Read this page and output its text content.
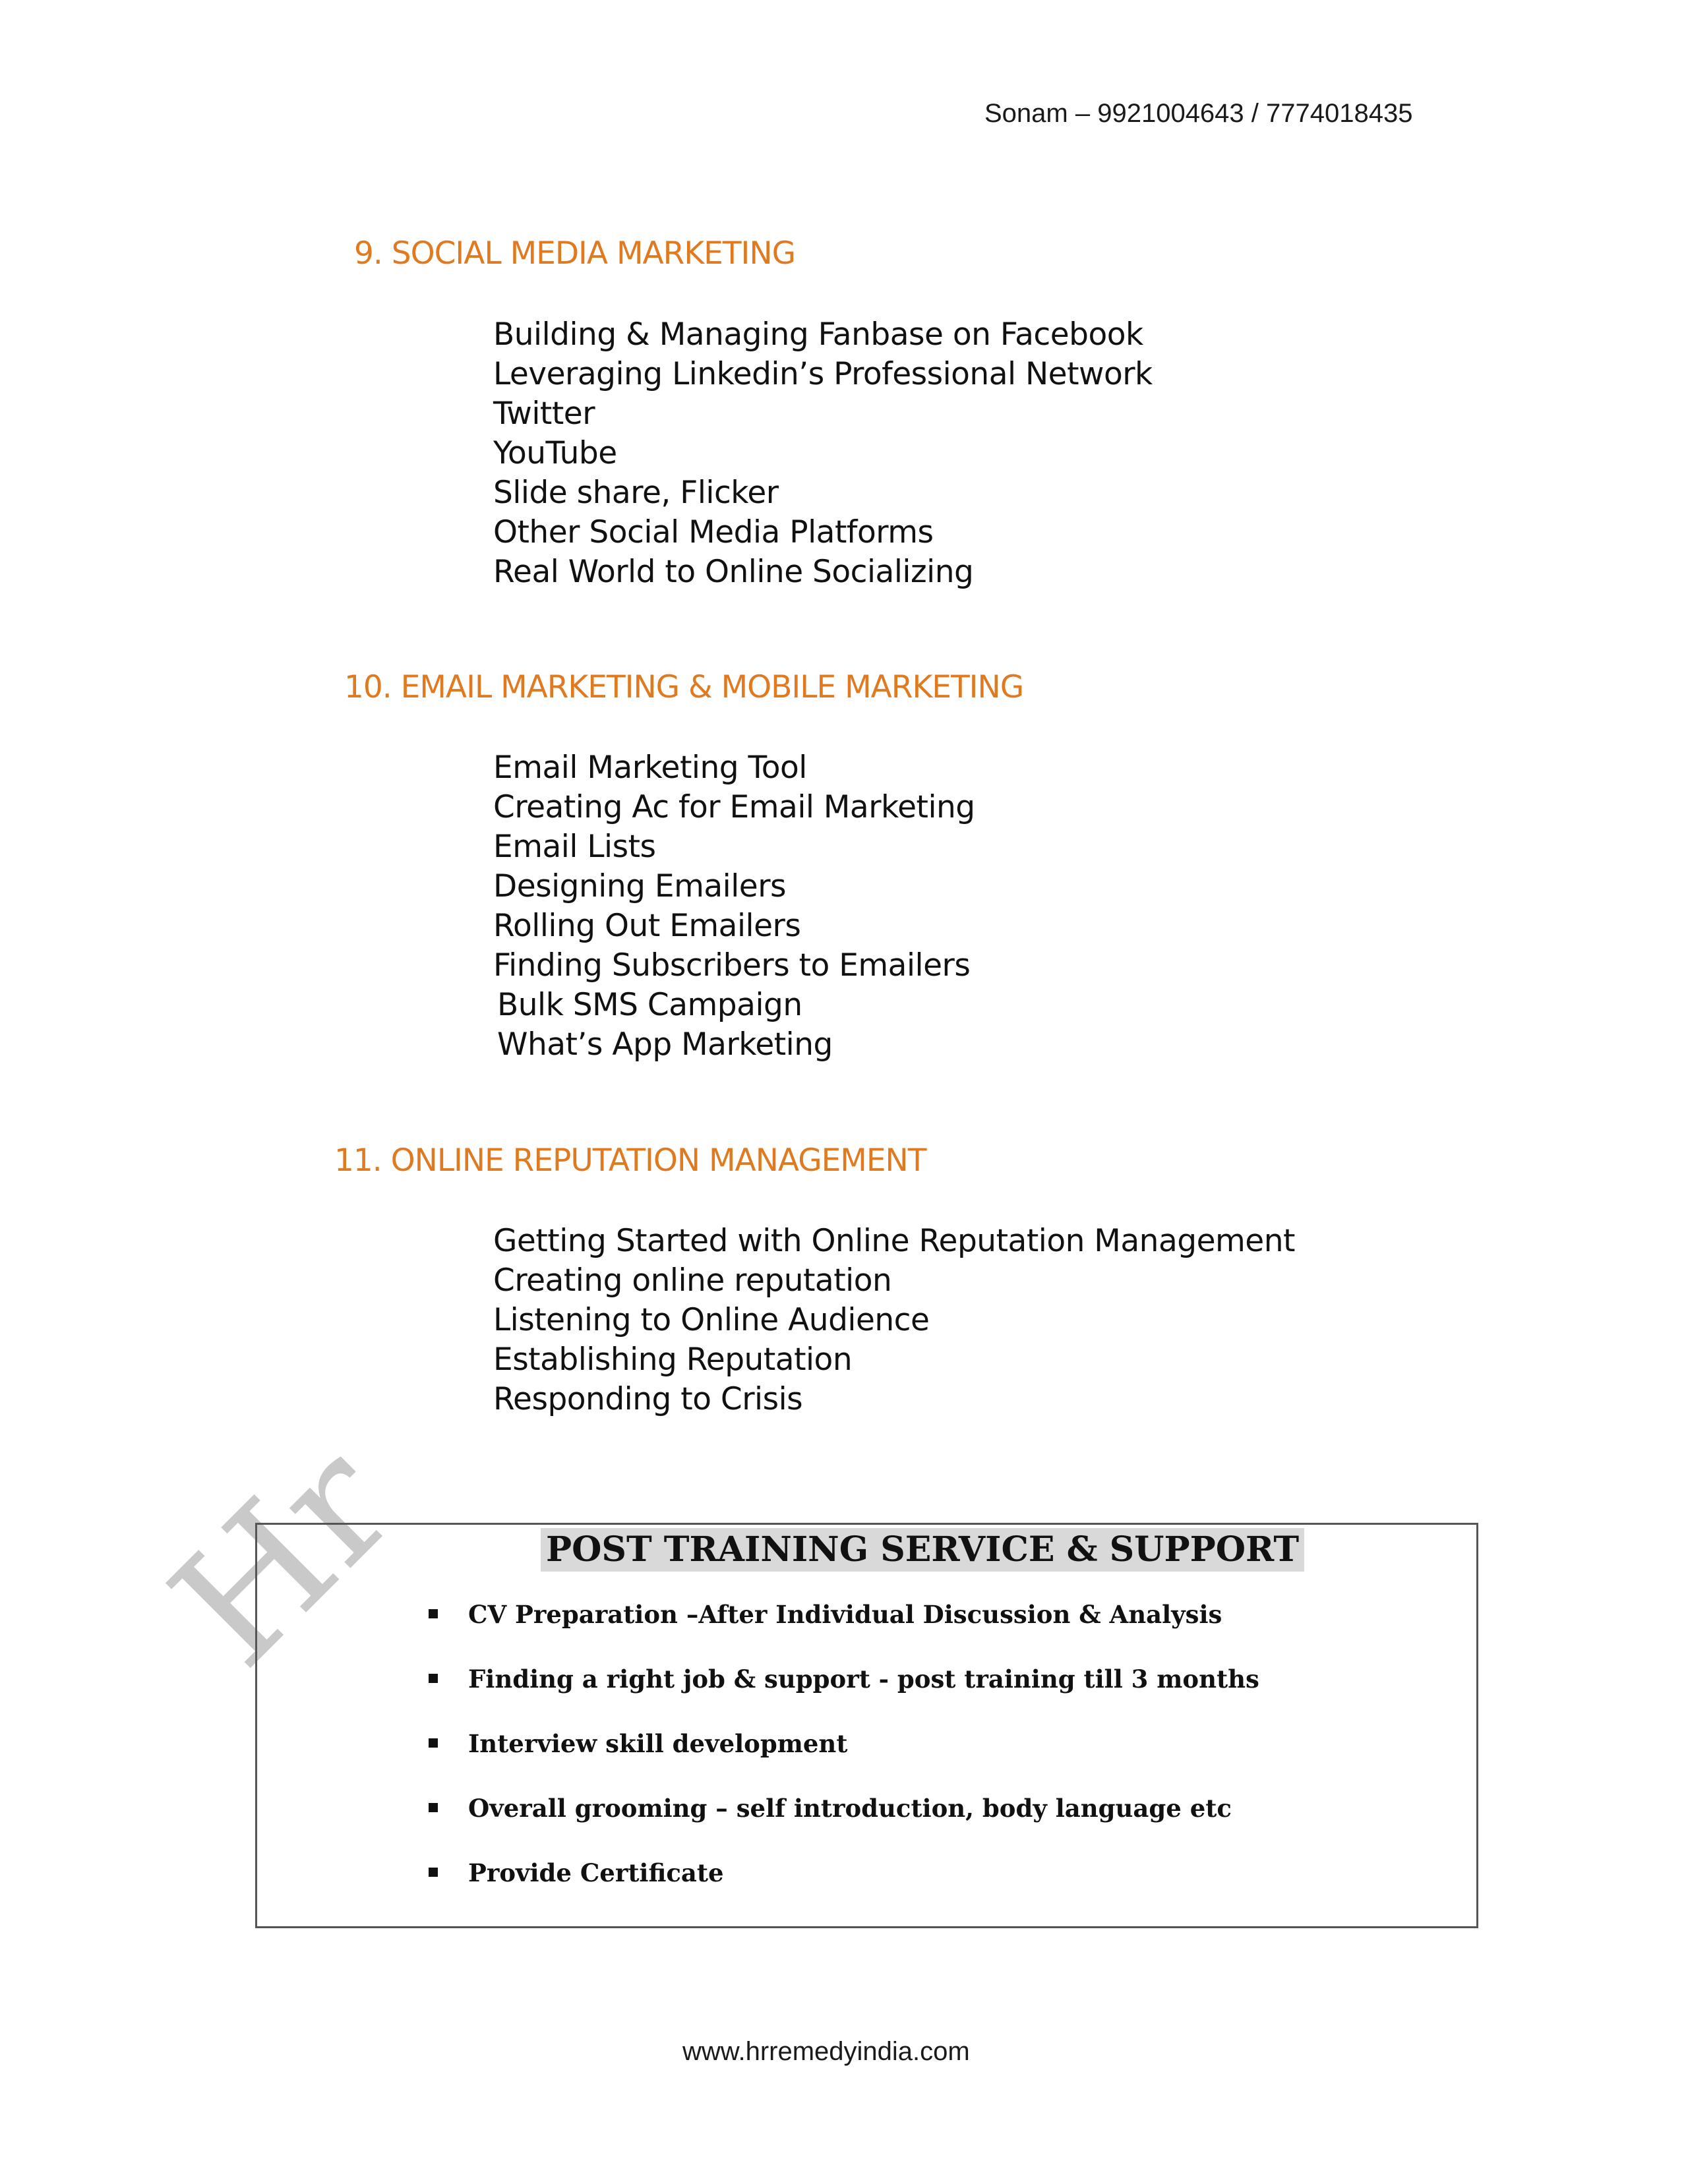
Sonam – 9921004643 / 7774018435
9. SOCIAL MEDIA MARKETING
Building & Managing Fanbase on Facebook
Leveraging Linkedin’s Professional Network
Twitter
YouTube
Slide share, Flicker
Other Social Media Platforms
Real World to Online Socializing
10. EMAIL MARKETING & MOBILE MARKETING
Email Marketing Tool
Creating Ac for Email Marketing
Email Lists
Designing Emailers
Rolling Out Emailers
Finding Subscribers to Emailers
Bulk SMS Campaign
What’s App Marketing
11. ONLINE REPUTATION MANAGEMENT
Getting Started with Online Reputation Management
Creating online reputation
Listening to Online Audience
Establishing Reputation
Responding to Crisis
Hr	POST TRAINING SERVICE & SUPPORT
CV Preparation –After Individual Discussion & Analysis
Finding a right job & support - post training till 3 months
Interview skill development
Overall grooming – self introduction, body language etc
Provide Certificate
www.hrremedyindia.com
